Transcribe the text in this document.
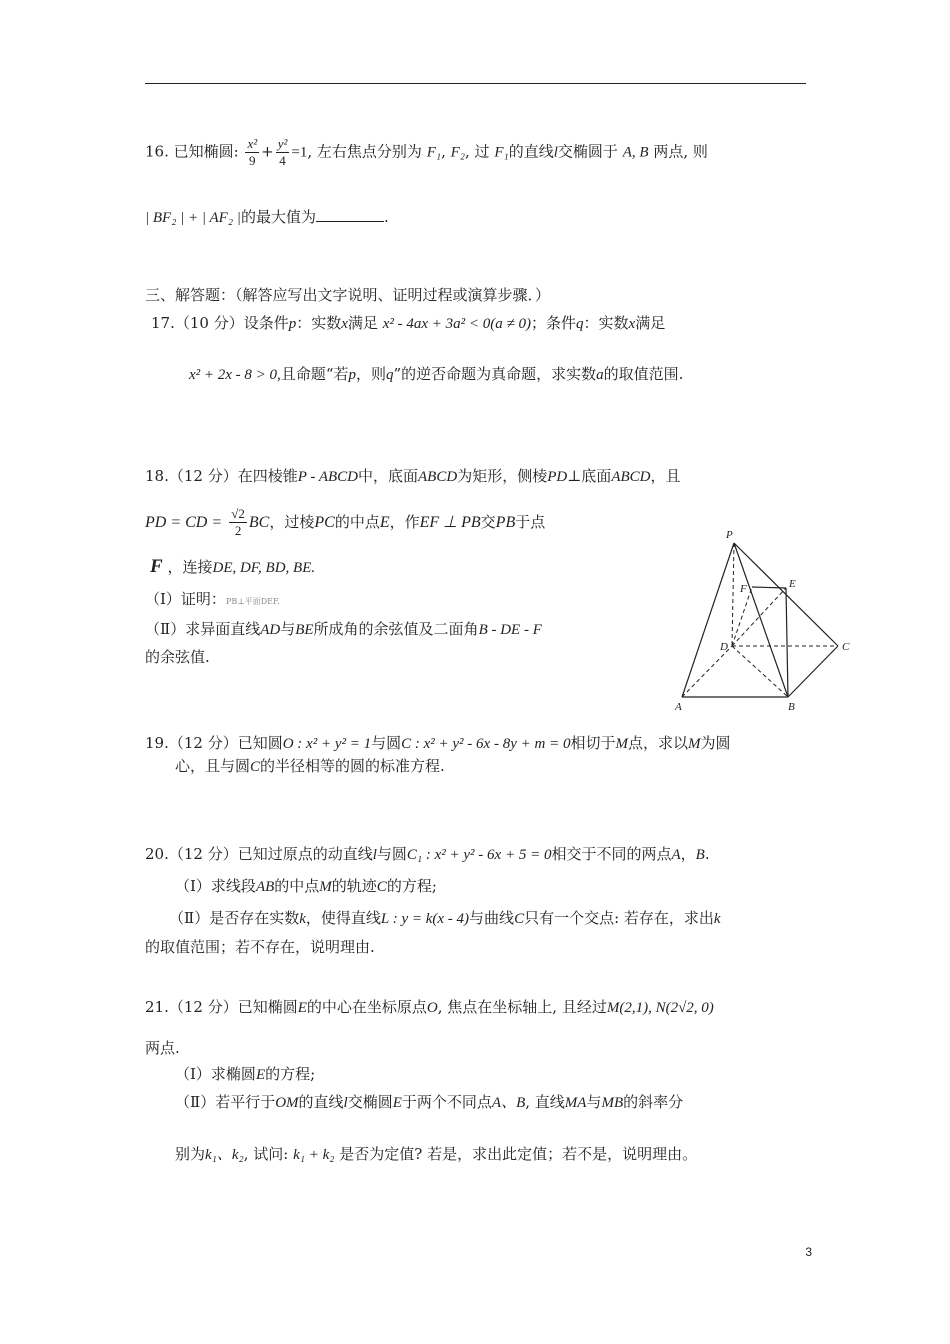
16. 已知椭圆: $\frac{\text{x²}}{9} + \frac{\text{y²}}{4} =1$, 左右焦点分别为 F₁, F₂, 过 F₁的直线l交椭圆于 A, B 两点, 则
| BF₂ | + | AF₂ |的最大值为	.
三、解答题：（解答应写出文字说明、证明过程或演算步骤．）
17.（10 分）设条件p：实数x满足 x² - 4ax + 3a² < 0(a ≠ 0)；条件q：实数x满足
x² + 2x - 8 > 0,且命题“若p，则q”的逆否命题为真命题，求实数a的取值范围.
18.（12 分）在四棱锥P - ABCD中，底面ABCD为矩形，侧棱PD⊥底面ABCD，且
PD = CD = $\frac{√2}{2}$ BC，过棱PC的中点E，作EF ⊥ PB交PB于点
F ，连接DE, DF, BD, BE.
（Ⅰ）证明：PB⊥平面DEF.
（Ⅱ）求异面直线AD与BE所成角的余弦值及二面角B - DE - F
的余弦值.
P
E
F
D	C
A	B
19.（12 分）已知圆O : x² + y² = 1与圆C : x² + y² - 6x - 8y + m = 0相切于M点，求以M为圆
心，且与圆C的半径相等的圆的标准方程.
20.（12 分）已知过原点的动直线l与圆C₁ : x² + y² - 6x + 5 = 0相交于不同的两点A，B.
（Ⅰ）求线段AB的中点M的轨迹C的方程;
（Ⅱ）是否存在实数k，使得直线L : y = k(x - 4)与曲线C只有一个交点: 若存在，求出k
的取值范围；若不存在，说明理由.
21.（12 分）已知椭圆E的中心在坐标原点O, 焦点在坐标轴上, 且经过M(2,1), N(2√2, 0)
两点.
（Ⅰ）求椭圆E的方程;
（Ⅱ）若平行于OM的直线l交椭圆E于两个不同点A、B, 直线MA与MB的斜率分
别为k₁、k₂, 试问: k₁ + k₂ 是否为定值? 若是，求出此定值；若不是，说明理由。
3
